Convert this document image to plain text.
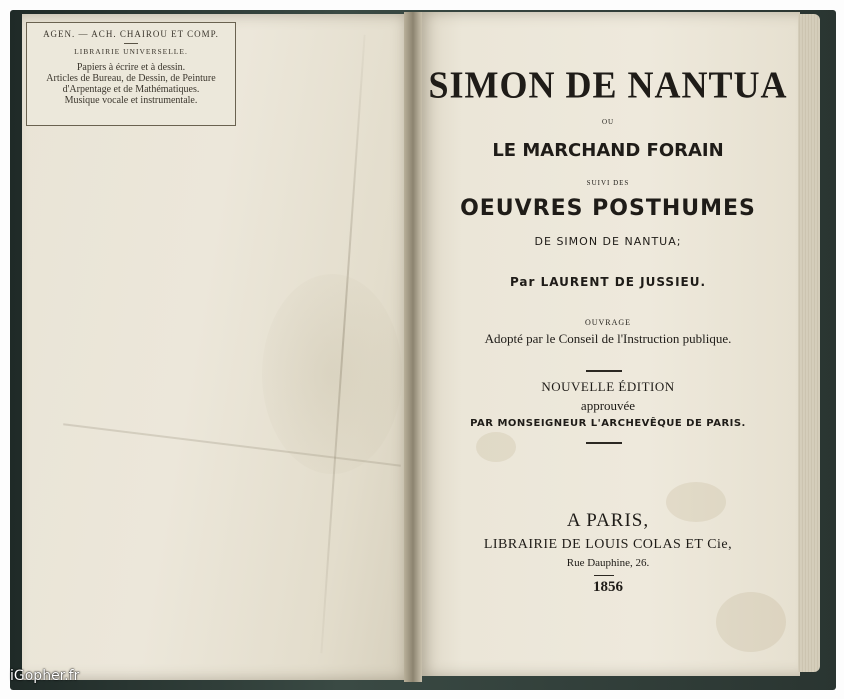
AGEN. — ACH. CHAIROU ET COMP.
LIBRAIRIE UNIVERSELLE.
Papiers à écrire et à dessin.
Articles de Bureau, de Dessin, de Peinture
d'Arpentage et de Mathématiques.
Musique vocale et instrumentale.	SIMON DE NANTUA
OU
LE MARCHAND FORAIN
SUIVI DES
OEUVRES POSTHUMES
DE SIMON DE NANTUA;
Par LAURENT DE JUSSIEU.
OUVRAGE
Adopté par le Conseil de l'Instruction publique.
NOUVELLE ÉDITION
approuvée
PAR MONSEIGNEUR L'ARCHEVÊQUE DE PARIS.
A PARIS,
LIBRAIRIE DE LOUIS COLAS ET Cie,
Rue Dauphine, 26.
1856
iGopher.fr
